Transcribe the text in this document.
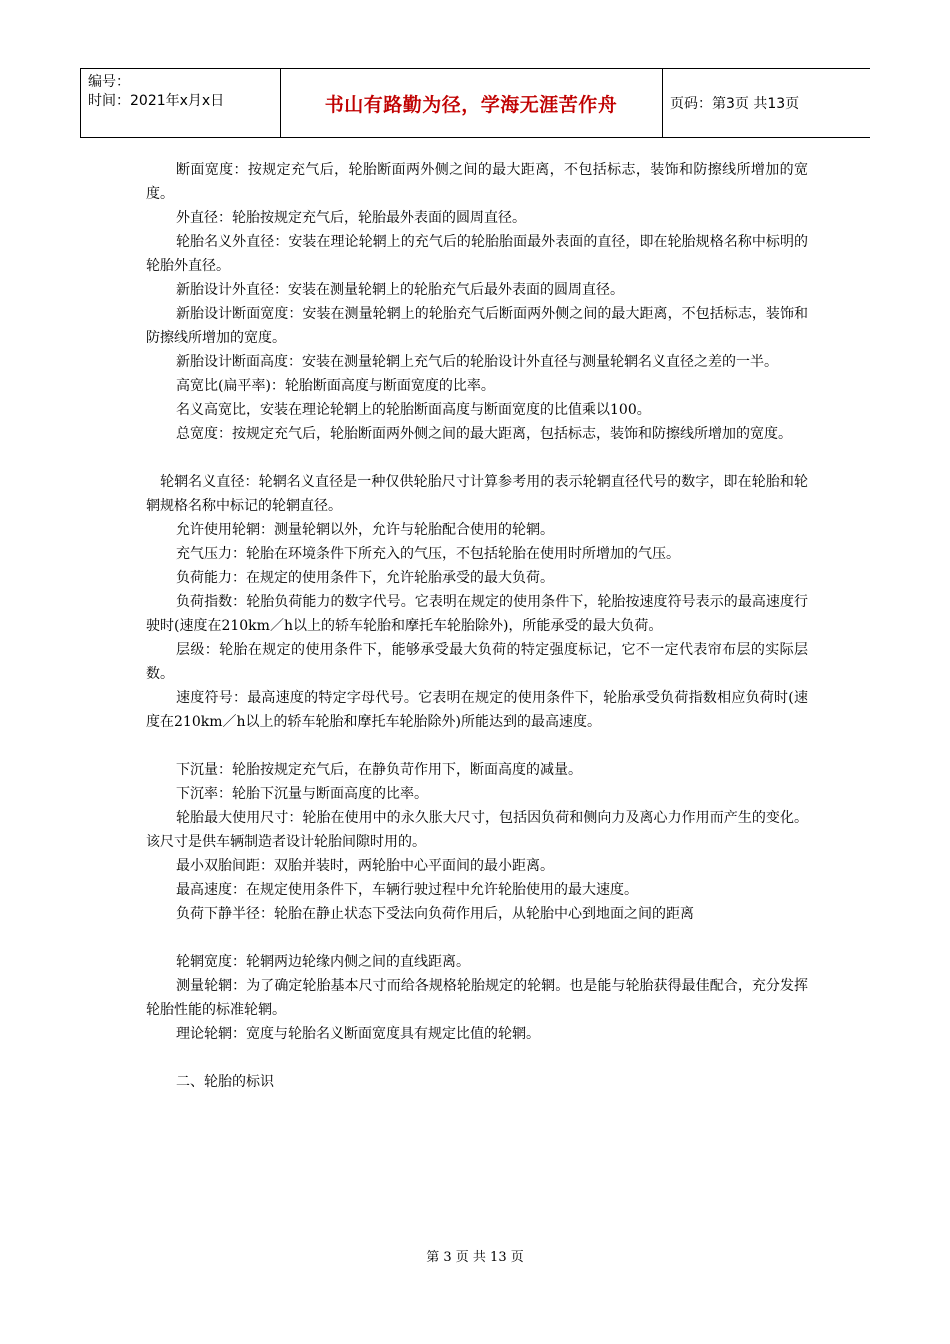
编号：
时间：2021年x月x日	书山有路勤为径，学海无涯苦作舟	页码：第3页 共13页

断面宽度：按规定充气后，轮胎断面两外侧之间的最大距离，不包括标志，装饰和防擦线所增加的宽度。

外直径：轮胎按规定充气后，轮胎最外表面的圆周直径。

轮胎名义外直径：安装在理论轮辋上的充气后的轮胎胎面最外表面的直径，即在轮胎规格名称中标明的轮胎外直径。

新胎设计外直径：安装在测量轮辋上的轮胎充气后最外表面的圆周直径。

新胎设计断面宽度：安装在测量轮辋上的轮胎充气后断面两外侧之间的最大距离，不包括标志，装饰和防擦线所增加的宽度。

新胎设计断面高度：安装在测量轮辋上充气后的轮胎设计外直径与测量轮辋名义直径之差的一半。

高宽比(扁平率)：轮胎断面高度与断面宽度的比率。

名义高宽比，安装在理论轮辋上的轮胎断面高度与断面宽度的比值乘以100。

总宽度：按规定充气后，轮胎断面两外侧之间的最大距离，包括标志，装饰和防擦线所增加的宽度。

轮辋名义直径：轮辋名义直径是一种仅供轮胎尺寸计算参考用的表示轮辋直径代号的数字，即在轮胎和轮辋规格名称中标记的轮辋直径。

允许使用轮辋：测量轮辋以外，允许与轮胎配合使用的轮辋。

充气压力：轮胎在环境条件下所充入的气压，不包括轮胎在使用时所增加的气压。

负荷能力：在规定的使用条件下，允许轮胎承受的最大负荷。

负荷指数：轮胎负荷能力的数字代号。它表明在规定的使用条件下，轮胎按速度符号表示的最高速度行驶时(速度在210km／h以上的轿车轮胎和摩托车轮胎除外)，所能承受的最大负荷。

层级：轮胎在规定的使用条件下，能够承受最大负荷的特定强度标记，它不一定代表帘布层的实际层数。

速度符号：最高速度的特定字母代号。它表明在规定的使用条件下，轮胎承受负荷指数相应负荷时(速度在210km／h以上的轿车轮胎和摩托车轮胎除外)所能达到的最高速度。

下沉量：轮胎按规定充气后，在静负苛作用下，断面高度的减量。

下沉率：轮胎下沉量与断面高度的比率。

轮胎最大使用尺寸：轮胎在使用中的永久胀大尺寸，包括因负荷和侧向力及离心力作用而产生的变化。该尺寸是供车辆制造者设计轮胎间隙时用的。

最小双胎间距：双胎并装时，两轮胎中心平面间的最小距离。

最高速度：在规定使用条件下，车辆行驶过程中允许轮胎使用的最大速度。

负荷下静半径：轮胎在静止状态下受法向负荷作用后，从轮胎中心到地面之间的距离

轮辋宽度：轮辋两边轮缘内侧之间的直线距离。

测量轮辋：为了确定轮胎基本尺寸而给各规格轮胎规定的轮辋。也是能与轮胎获得最佳配合，充分发挥轮胎性能的标准轮辋。

理论轮辋：宽度与轮胎名义断面宽度具有规定比值的轮辋。

二、轮胎的标识

第 3 页 共 13 页
